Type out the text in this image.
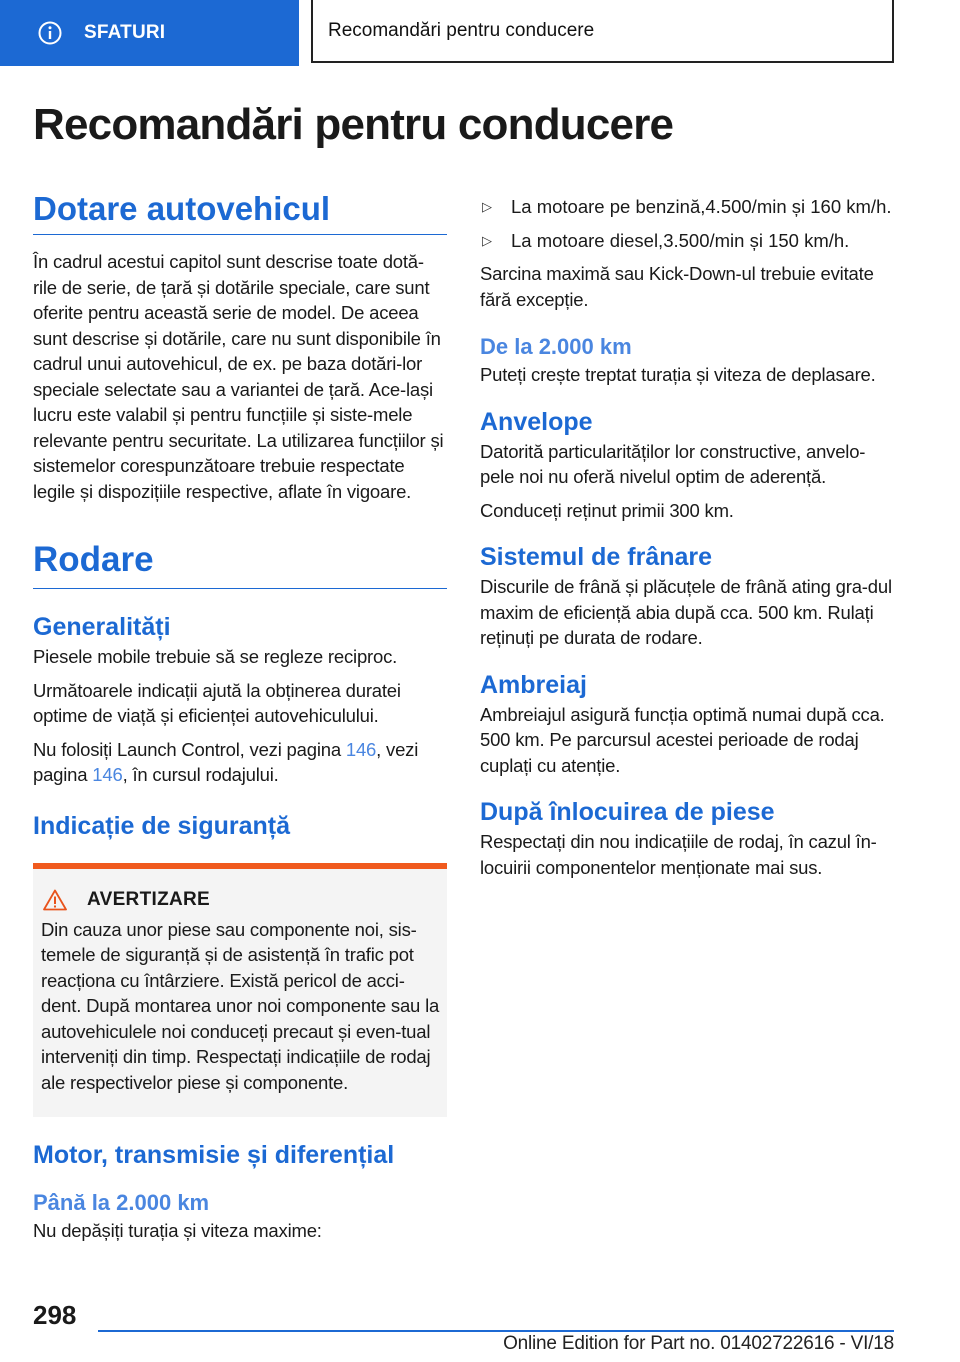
SFATURI	Recomandări pentru conducere
Recomandări pentru conducere
Dotare autovehicul

În cadrul acestui capitol sunt descrise toate dotă-rile de serie, de țară și dotările speciale, care sunt oferite pentru această serie de model. De aceea sunt descrise și dotările, care nu sunt disponibile în cadrul unui autovehicul, de ex. pe baza dotări-lor speciale selectate sau a variantei de țară. Ace-lași lucru este valabil și pentru funcțiile și siste-mele relevante pentru securitate. La utilizarea funcțiilor și sistemelor corespunzătoare trebuie respectate legile și dispozițiile respective, aflate în vigoare.

Rodare
Generalități

Piesele mobile trebuie să se regleze reciproc.

Următoarele indicații ajută la obținerea duratei optime de viață și eficienței autovehiculului.

Nu folosiți Launch Control, vezi pagina 146, vezi pagina 146, în cursul rodajului.

Indicație de siguranță
AVERTIZARE

Din cauza unor piese sau componente noi, sis-temele de siguranță și de asistență în trafic pot reacționa cu întârziere. Există pericol de acci-dent. După montarea unor noi componente sau la autovehiculele noi conduceți precaut și even-tual interveniți din timp. Respectați indicațiile de rodaj ale respectivelor piese și componente.

Motor, transmisie și diferențial
Până la 2.000 km

Nu depășiți turația și viteza maxime:

▷	La motoare pe benzină,4.500/min și 160 km/h.
▷	La motoare diesel,3.500/min și 150 km/h.

Sarcina maximă sau Kick-Down-ul trebuie evitate fără excepție.

De la 2.000 km

Puteți crește treptat turația și viteza de deplasare.

Anvelope

Datorită particularităților lor constructive, anvelo-pele noi nu oferă nivelul optim de aderență.

Conduceți reținut primii 300 km.

Sistemul de frânare

Discurile de frână și plăcuțele de frână ating gra-dul maxim de eficiență abia după cca. 500 km. Rulați reținuți pe durata de rodare.

Ambreiaj

Ambreiajul asigură funcția optimă numai după cca. 500 km. Pe parcursul acestei perioade de rodaj cuplați cu atenție.

După înlocuirea de piese

Respectați din nou indicațiile de rodaj, în cazul în-locuirii componentelor menționate mai sus.

298
Online Edition for Part no. 01402722616 - VI/18
